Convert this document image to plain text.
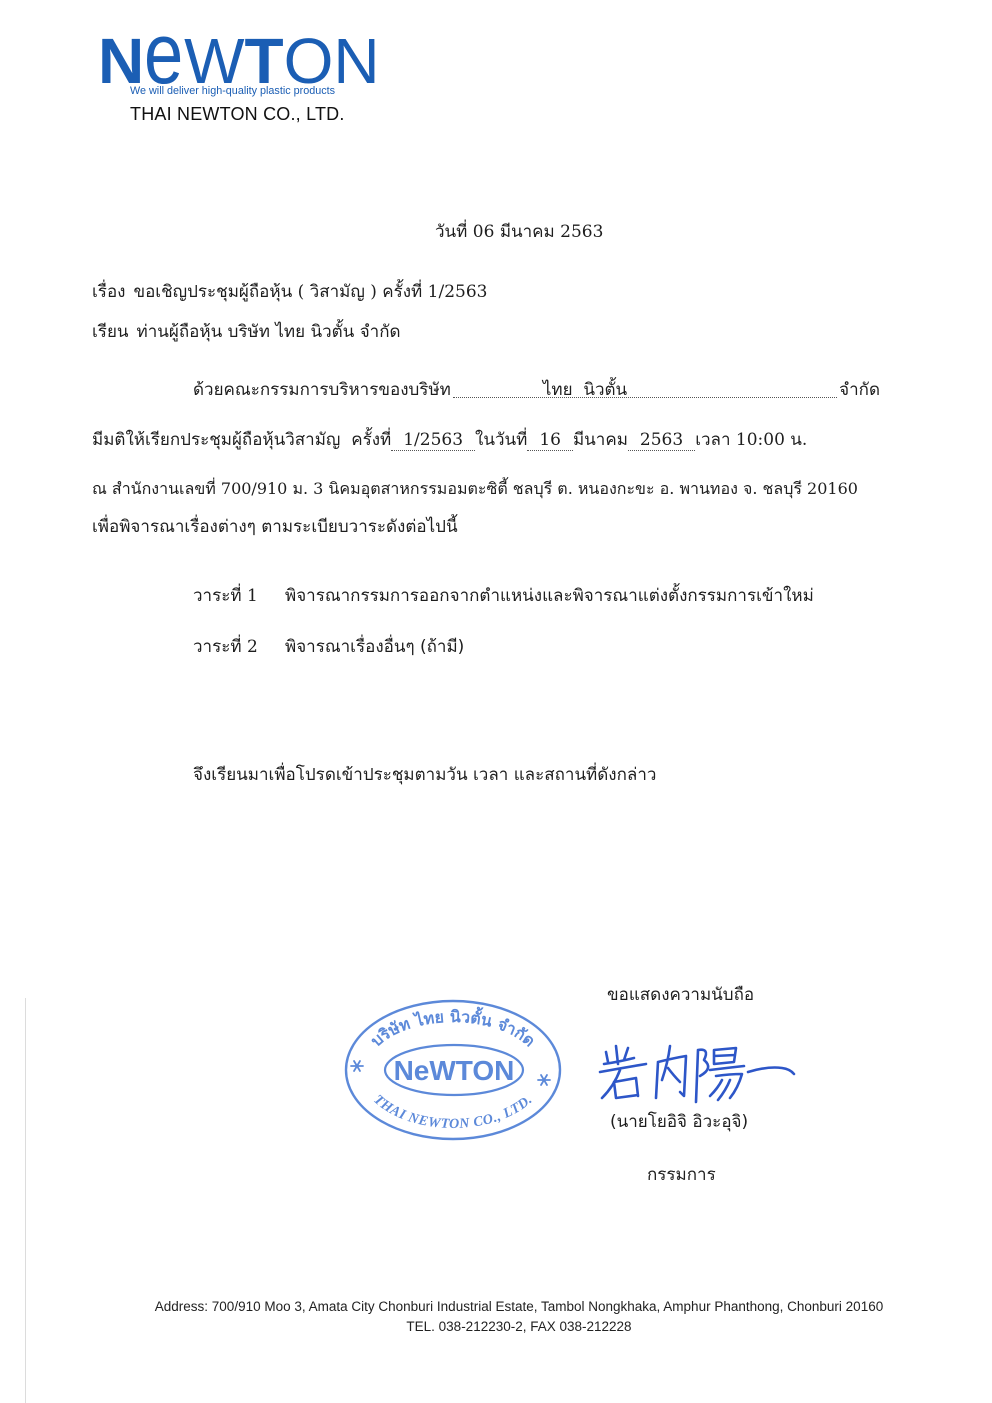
NeWTON
We will deliver high-quality plastic products
THAI NEWTON CO., LTD.
วันที่ 06 มีนาคม 2563
เรื่อง ขอเชิญประชุมผู้ถือหุ้น ( วิสามัญ ) ครั้งที่ 1/2563
เรียน ท่านผู้ถือหุ้น บริษัท ไทย นิวตั้น จำกัด
ด้วยคณะกรรมการบริหารของบริษัท	ไทย  นิวตั้น	จำกัด
มีมติให้เรียกประชุมผู้ถือหุ้นวิสามัญ  ครั้งที่ 1/2563 ในวันที่ 16 มีนาคม 2563 เวลา 10:00 น.
ณ สำนักงานเลขที่ 700/910 ม. 3 นิคมอุตสาหกรรมอมตะซิตี้ ชลบุรี ต. หนองกะขะ อ. พานทอง จ. ชลบุรี 20160
เพื่อพิจารณาเรื่องต่างๆ ตามระเบียบวาระดังต่อไปนี้
วาระที่ 1 พิจารณากรรมการออกจากตำแหน่งและพิจารณาแต่งตั้งกรรมการเข้าใหม่
วาระที่ 2 พิจารณาเรื่องอื่นๆ (ถ้ามี)
จึงเรียนมาเพื่อโปรดเข้าประชุมตามวัน เวลา และสถานที่ดังกล่าว
ขอแสดงความนับถือ
บริษัท ไทย นิวตั้น จำกัด
NeWTON
THAI NEWTON CO., LTD.
(นายโยอิจิ อิวะอุจิ)
กรรมการ
Address: 700/910 Moo 3, Amata City Chonburi Industrial Estate, Tambol Nongkhaka, Amphur Phanthong, Chonburi 20160
TEL. 038-212230-2, FAX 038-212228
